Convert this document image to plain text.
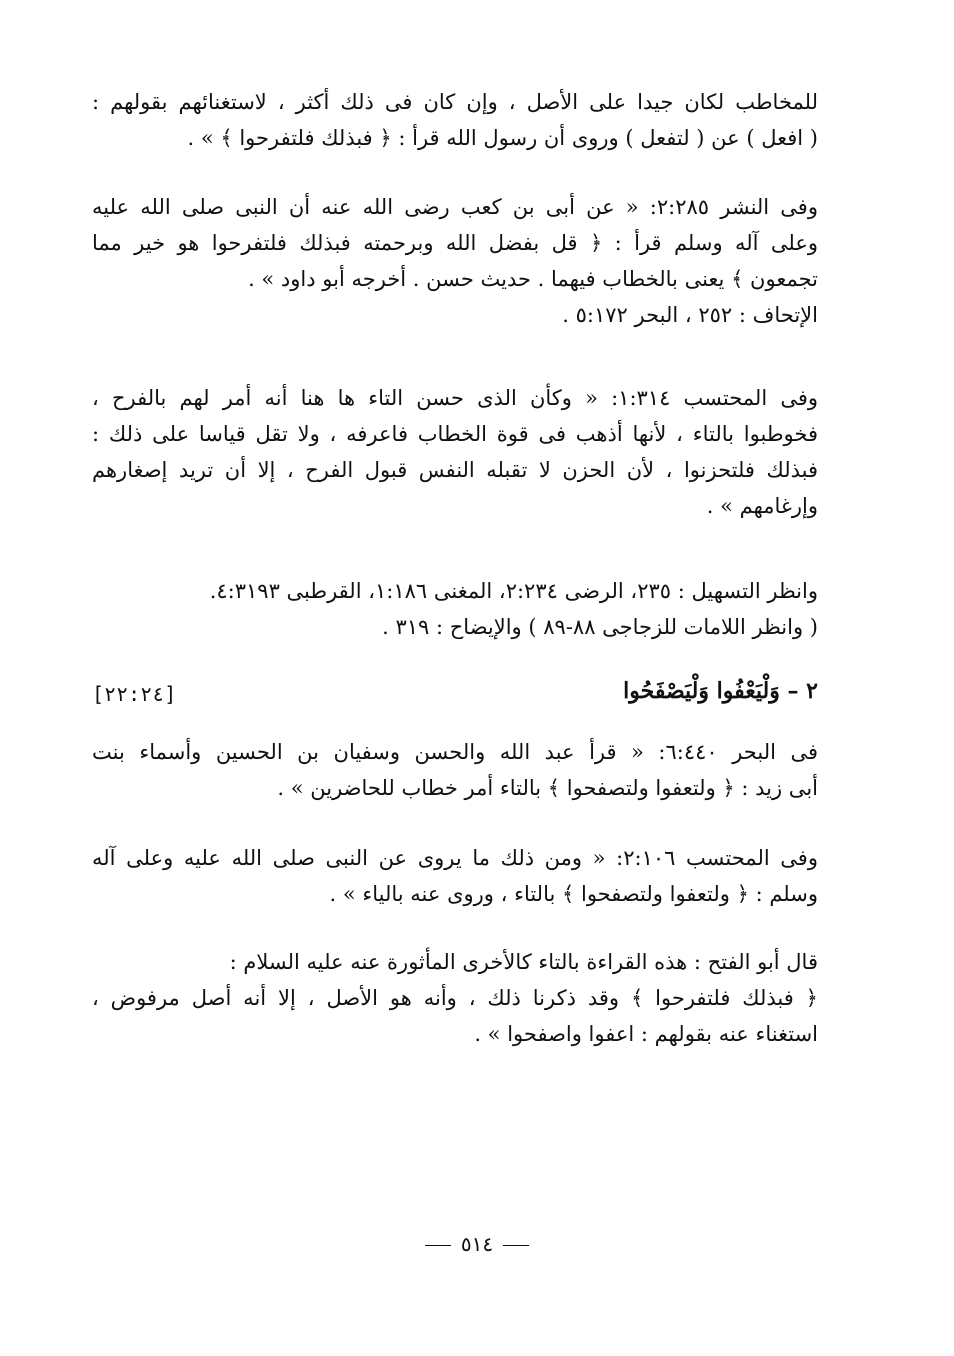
للمخاطب لكان جيدا على الأصل ، وإن كان فى ذلك أكثر ، لاستغنائهم بقولهم :
( افعل ) عن ( لتفعل ) وروى أن رسول الله قرأ : ﴿ فبذلك فلتفرحوا ﴾ » .
وفى النشر ٢:٢٨٥: « عن أبى بن كعب رضى الله عنه أن النبى صلى الله عليه
وعلى آله وسلم قرأ : ﴿ قل بفضل الله وبرحمته فبذلك فلتفرحوا هو خير مما
تجمعون ﴾ يعنى بالخطاب فيهما . حديث حسن . أخرجه أبو داود » .
الإتحاف : ٢٥٢ ، البحر ٥:١٧٢ .
وفى المحتسب ١:٣١٤: « وكأن الذى حسن التاء ها هنا أنه أمر لهم بالفرح ،
فخوطبوا بالتاء ، لأنها أذهب فى قوة الخطاب فاعرفه ، ولا تقل قياسا على ذلك :
فبذلك فلتحزنوا ، لأن الحزن لا تقبله النفس قبول الفرح ، إلا أن تريد إصغارهم
وإرغامهم » .
وانظر التسهيل : ٢٣٥، الرضى ٢:٢٣٤، المغنى ١:١٨٦، القرطبى ٤:٣١٩٣.
( وانظر اللامات للزجاجى ٨٨-٨٩ ) والإيضاح : ٣١٩ .
٢ – وَلْيَعْفُوا وَلْيَصْفَحُوا
[٢٢:٢٤]
فى البحر ٦:٤٤٠: « قرأ عبد الله والحسن وسفيان بن الحسين وأسماء بنت
أبى زيد : ﴿ ولتعفوا ولتصفحوا ﴾ بالتاء أمر خطاب للحاضرين » .
وفى المحتسب ٢:١٠٦: « ومن ذلك ما يروى عن النبى صلى الله عليه وعلى آله
وسلم : ﴿ ولتعفوا ولتصفحوا ﴾ بالتاء ، وروى عنه بالياء » .
قال أبو الفتح : هذه القراءة بالتاء كالأخرى المأثورة عنه عليه السلام :
﴿ فبذلك فلتفرحوا ﴾ وقد ذكرنا ذلك ، وأنه هو الأصل ، إلا أنه أصل مرفوض ،
استغناء عنه بقولهم : اعفوا واصفحوا » .
٥١٤
